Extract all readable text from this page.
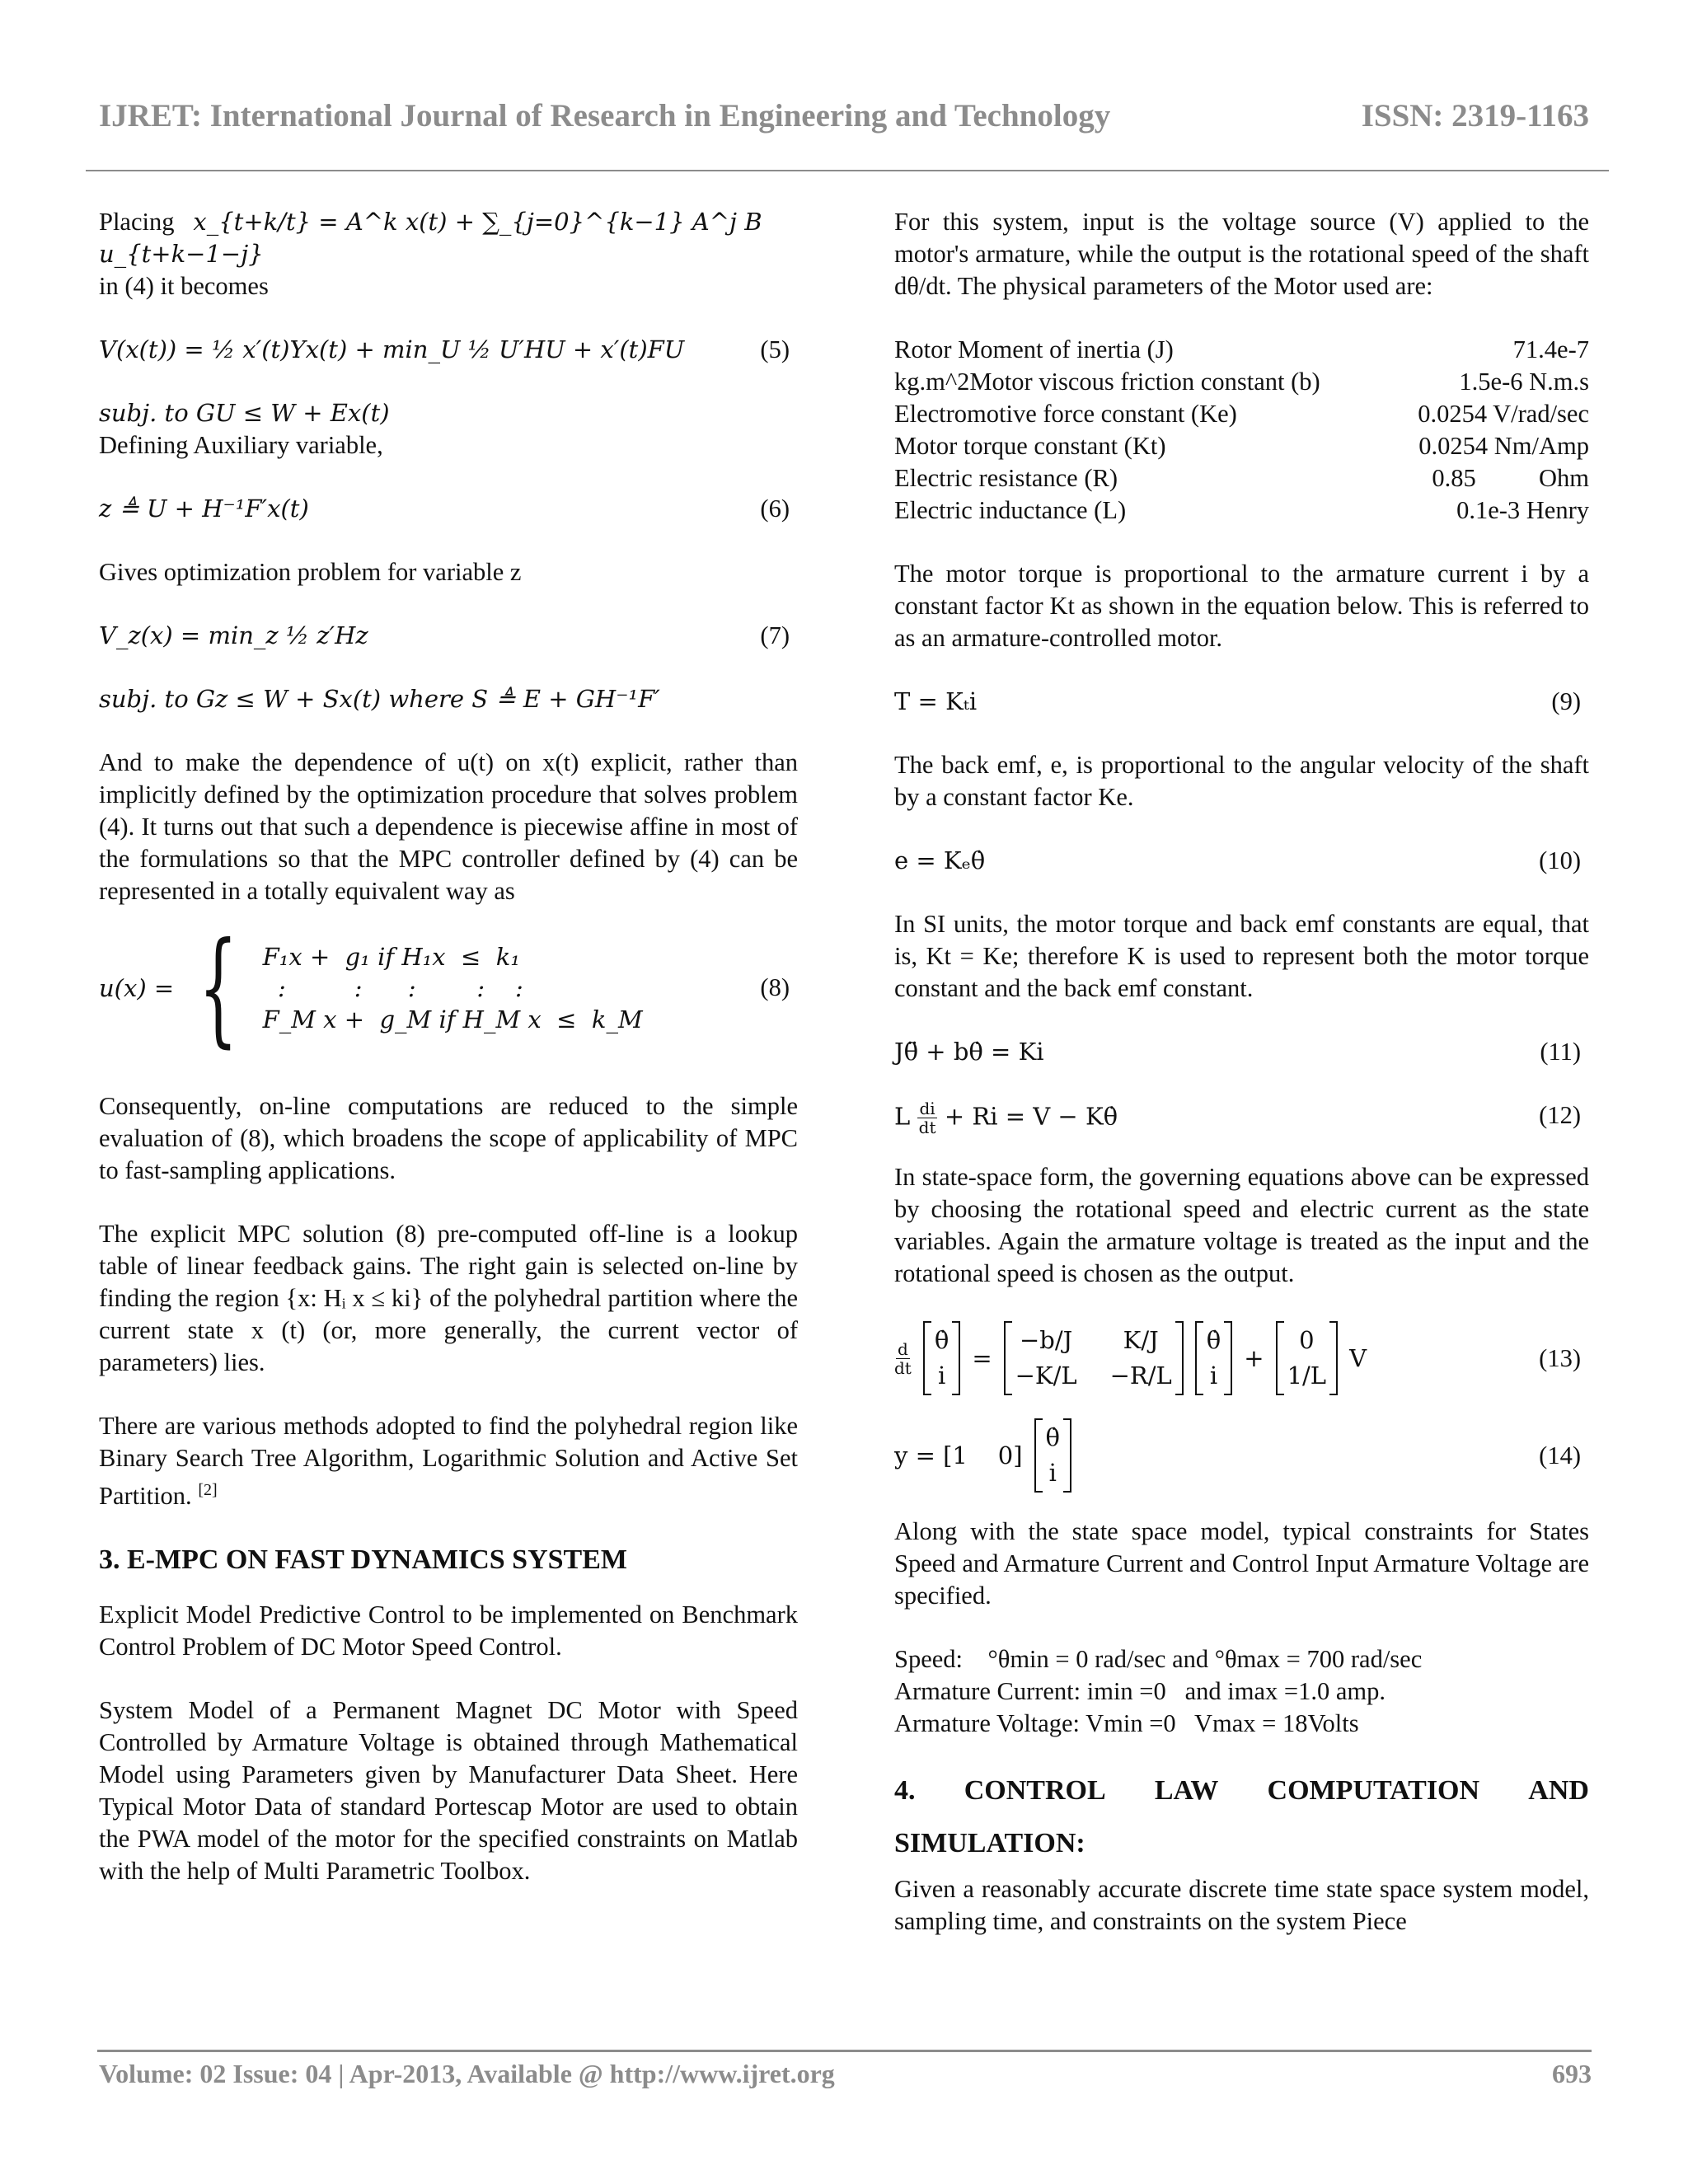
IJRET: International Journal of Research in Engineering and Technology	ISSN: 2319-1163
Placing x_{t+k/t} = A^k x(t) + ∑_{j=0}^{k−1} A^j B u_{t+k−1−j}

in (4) it becomes

V(x(t)) = ½ x′(t)Yx(t) + min_U ½ U′HU + x′(t)FU	(5)
subj. to GU ≤ W + Ex(t)

Defining Auxiliary variable,

z ≜ U + H⁻¹F′x(t)	(6)

Gives optimization problem for variable z

V_z(x) = min_z ½ z′Hz	(7)

subj. to Gz ≤ W + Sx(t) where S ≜ E + GH⁻¹F′

And to make the dependence of u(t) on x(t) explicit, rather than implicitly defined by the optimization procedure that solves problem (4). It turns out that such a dependence is piecewise affine in most of the formulations so that the MPC controller defined by (4) can be represented in a totally equivalent way as

u(x) = { F₁x +  g₁ if H₁x  ≤  k₁
:         :      :        :    :
F_M x +  g_M if H_M x  ≤  k_M
(8)

Consequently, on-line computations are reduced to the simple evaluation of (8), which broadens the scope of applicability of MPC to fast-sampling applications.

The explicit MPC solution (8) pre-computed off-line is a lookup table of linear feedback gains. The right gain is selected on-line by finding the region {x: Hᵢ x ≤ ki} of the polyhedral partition where the current state x (t) (or, more generally, the current vector of parameters) lies.

There are various methods adopted to find the polyhedral region like Binary Search Tree Algorithm, Logarithmic Solution and Active Set Partition. [2]

3. E-MPC ON FAST DYNAMICS SYSTEM

Explicit Model Predictive Control to be implemented on Benchmark Control Problem of DC Motor Speed Control.

System Model of a Permanent Magnet DC Motor with Speed Controlled by Armature Voltage is obtained through Mathematical Model using Parameters given by Manufacturer Data Sheet. Here Typical Motor Data of standard Portescap Motor are used to obtain the PWA model of the motor for the specified constraints on Matlab with the help of Multi Parametric Toolbox.

For this system, input is the voltage source (V) applied to the motor's armature, while the output is the rotational speed of the shaft dθ/dt. The physical parameters of the Motor used are:

Rotor Moment of inertia (J)	71.4e-7
kg.m^2Motor viscous friction constant (b)	1.5e-6 N.m.s
Electromotive force constant (Ke)	0.0254 V/rad/sec
Motor torque constant (Kt)	0.0254 Nm/Amp
Electric resistance (R)	0.85          Ohm
Electric inductance (L)	0.1e-3 Henry

The motor torque is proportional to the armature current i by a constant factor Kt as shown in the equation below. This is referred to as an armature-controlled motor.

T = Kₜi	(9)

The back emf, e, is proportional to the angular velocity of the shaft by a constant factor Ke.

e = Kₑθ̇	(10)

In SI units, the motor torque and back emf constants are equal, that is, Kt = Ke; therefore K is used to represent both the motor torque constant and the back emf constant.

Jθ̈ + bθ̇ = Ki	(11)
L $\frac{di}{dt} + Ri = V$ − Kθ̇	(12)

In state-space form, the governing equations above can be expressed by choosing the rotational speed and electric current as the state variables. Again the armature voltage is treated as the input and the rotational speed is chosen as the output.

$\frac{d}{dt}$ θ̇
i
=
−b/J	K/J
−K/L −R/L
θ̇
i
+
0
1/L
V	(13)
y = [1    0]
θ̇
i
(14)

Along with the state space model, typical constraints for States Speed and Armature Current and Control Input Armature Voltage are specified.

Speed:    °θmin = 0 rad/sec and °θmax = 700 rad/sec
Armature Current: imin =0   and imax =1.0 amp.
Armature Voltage: Vmin =0   Vmax = 18Volts
4. CONTROL LAW COMPUTATION AND
SIMULATION:

Given a reasonably accurate discrete time state space system model, sampling time, and constraints on the system Piece

Volume: 02 Issue: 04 | Apr-2013, Available @ http://www.ijret.org	693
